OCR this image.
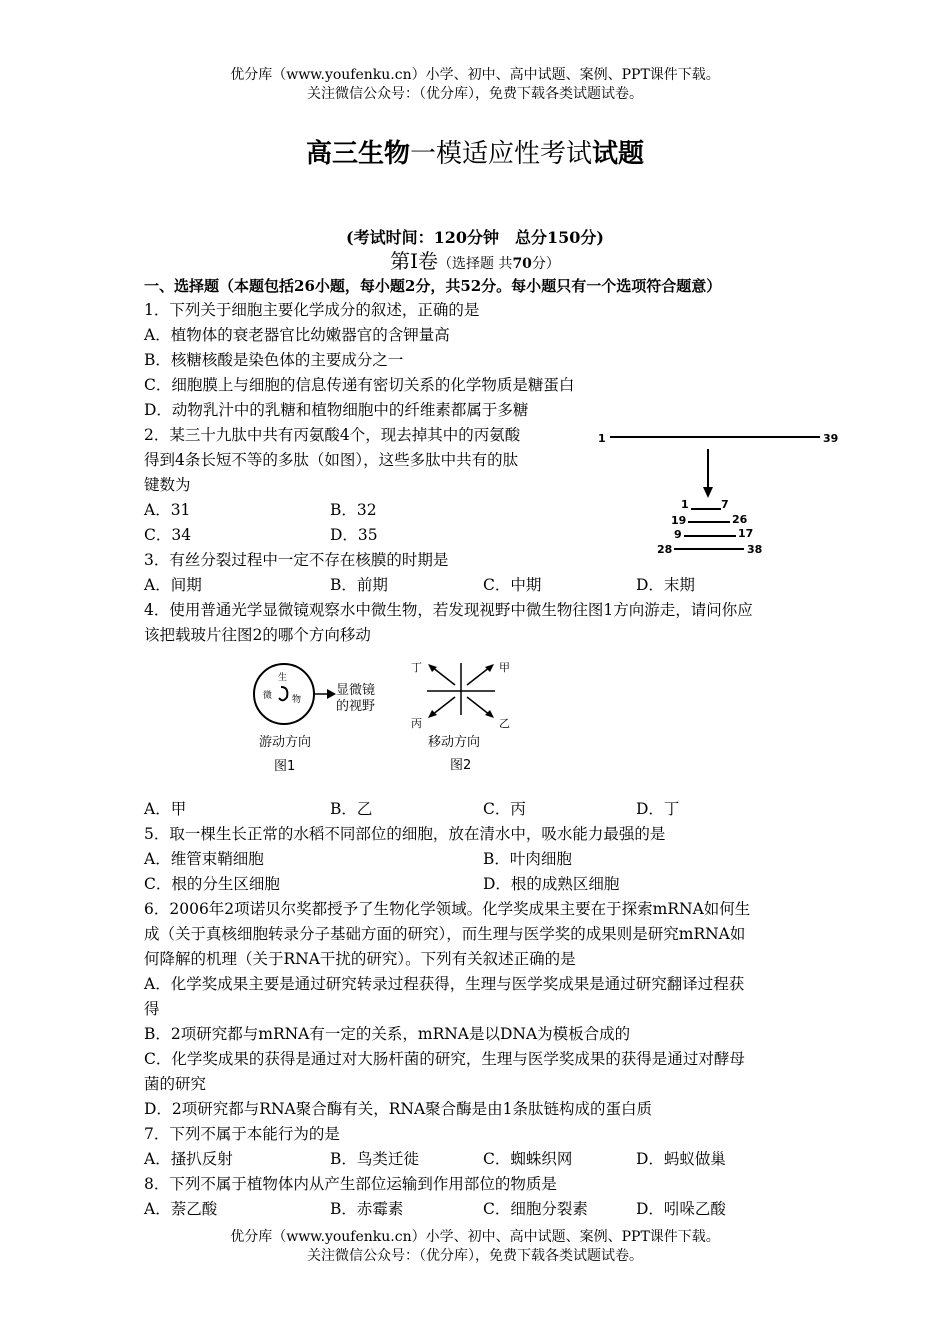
优分库（www.youfenku.cn）小学、初中、高中试题、案例、PPT课件下载。
关注微信公众号：（优分库），免费下载各类试题试卷。
高三生物一模适应性考试试题
(考试时间：120分钟　总分150分)
第Ⅰ卷（选择题 共70分）
一、选择题（本题包括26小题，每小题2分，共52分。每小题只有一个选项符合题意）
1．下列关于细胞主要化学成分的叙述，正确的是
A．植物体的衰老器官比幼嫩器官的含钾量高
B．核糖核酸是染色体的主要成分之一
C．细胞膜上与细胞的信息传递有密切关系的化学物质是糖蛋白
D．动物乳汁中的乳糖和植物细胞中的纤维素都属于多糖
2．某三十九肽中共有丙氨酸4个，现去掉其中的丙氨酸
得到4条长短不等的多肽（如图），这些多肽中共有的肽
键数为
A．31	B．32
C．34	D．35
1	39
1	7
19	26
9	17
28	38
3．有丝分裂过程中一定不存在核膜的时期是
A．间期	B．前期	C．中期	D．末期
4．使用普通光学显微镜观察水中微生物，若发现视野中微生物往图1方向游走，请问你应
该把载玻片往图2的哪个方向移动
生
微 物
显微镜
的视野
游动方向
图1
丁	甲
丙	乙
移动方向
图2
A．甲	B．乙	C．丙	D．丁
5．取一棵生长正常的水稻不同部位的细胞，放在清水中，吸水能力最强的是
A．维管束鞘细胞	B．叶肉细胞
C．根的分生区细胞	D．根的成熟区细胞
6．2006年2项诺贝尔奖都授予了生物化学领域。化学奖成果主要在于探索mRNA如何生
成（关于真核细胞转录分子基础方面的研究），而生理与医学奖的成果则是研究mRNA如
何降解的机理（关于RNA干扰的研究）。下列有关叙述正确的是
A．化学奖成果主要是通过研究转录过程获得，生理与医学奖成果是通过研究翻译过程获
得
B．2项研究都与mRNA有一定的关系，mRNA是以DNA为模板合成的
C．化学奖成果的获得是通过对大肠杆菌的研究，生理与医学奖成果的获得是通过对酵母
菌的研究
D．2项研究都与RNA聚合酶有关，RNA聚合酶是由1条肽链构成的蛋白质
7．下列不属于本能行为的是
A．搔扒反射	B．鸟类迁徙	C．蜘蛛织网	D．蚂蚁做巢
8．下列不属于植物体内从产生部位运输到作用部位的物质是
A．萘乙酸	B．赤霉素	C．细胞分裂素	D．吲哚乙酸
优分库（www.youfenku.cn）小学、初中、高中试题、案例、PPT课件下载。
关注微信公众号：（优分库），免费下载各类试题试卷。
